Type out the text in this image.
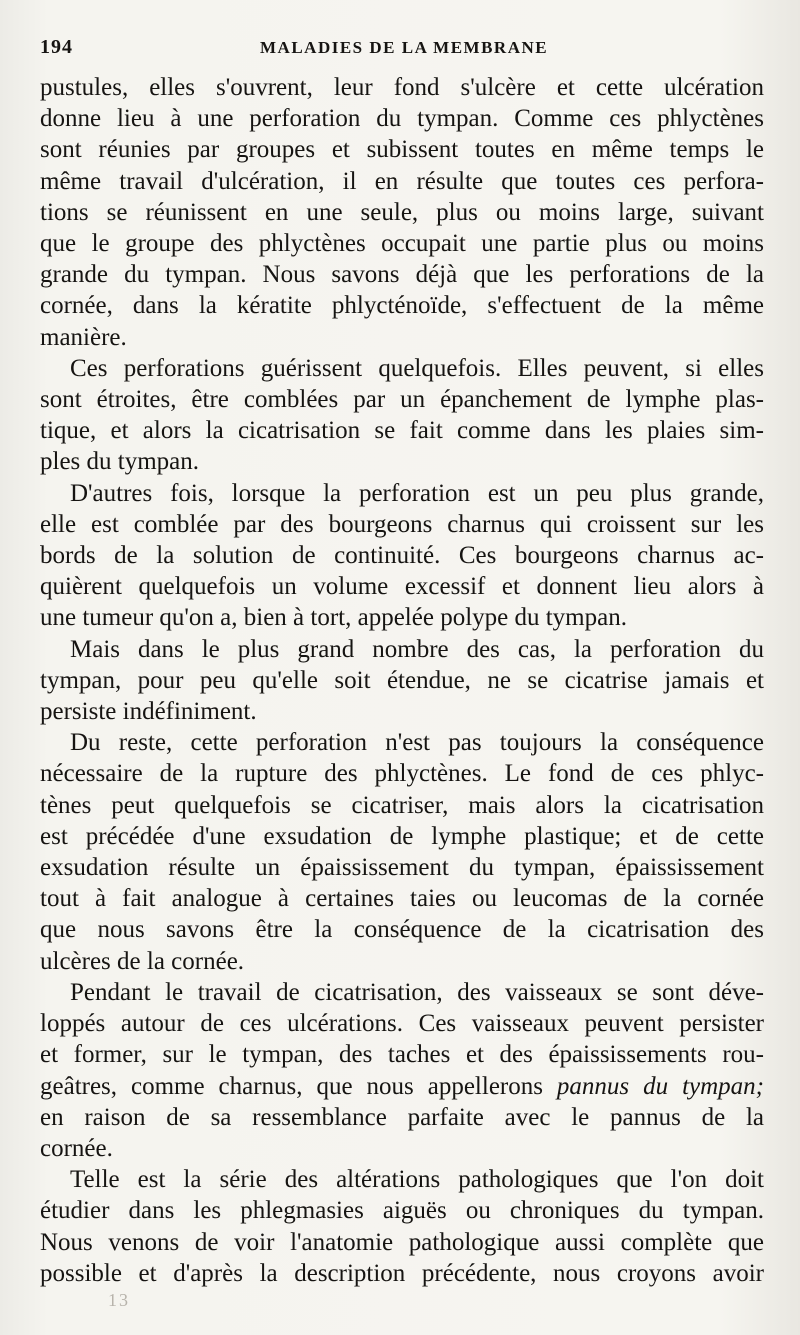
194	MALADIES DE LA MEMBRANE
pustules, elles s'ouvrent, leur fond s'ulcère et cette ulcération
donne lieu à une perforation du tympan. Comme ces phlyctènes
sont réunies par groupes et subissent toutes en même temps le
même travail d'ulcération, il en résulte que toutes ces perfora-
tions se réunissent en une seule, plus ou moins large, suivant
que le groupe des phlyctènes occupait une partie plus ou moins
grande du tympan. Nous savons déjà que les perforations de la
cornée, dans la kératite phlycténoïde, s'effectuent de la même
manière.
Ces perforations guérissent quelquefois. Elles peuvent, si elles
sont étroites, être comblées par un épanchement de lymphe plas-
tique, et alors la cicatrisation se fait comme dans les plaies sim-
ples du tympan.
D'autres fois, lorsque la perforation est un peu plus grande,
elle est comblée par des bourgeons charnus qui croissent sur les
bords de la solution de continuité. Ces bourgeons charnus ac-
quièrent quelquefois un volume excessif et donnent lieu alors à
une tumeur qu'on a, bien à tort, appelée polype du tympan.
Mais dans le plus grand nombre des cas, la perforation du
tympan, pour peu qu'elle soit étendue, ne se cicatrise jamais et
persiste indéfiniment.
Du reste, cette perforation n'est pas toujours la conséquence
nécessaire de la rupture des phlyctènes. Le fond de ces phlyc-
tènes peut quelquefois se cicatriser, mais alors la cicatrisation
est précédée d'une exsudation de lymphe plastique; et de cette
exsudation résulte un épaississement du tympan, épaississement
tout à fait analogue à certaines taies ou leucomas de la cornée
que nous savons être la conséquence de la cicatrisation des
ulcères de la cornée.
Pendant le travail de cicatrisation, des vaisseaux se sont déve-
loppés autour de ces ulcérations. Ces vaisseaux peuvent persister
et former, sur le tympan, des taches et des épaississements rou-
geâtres, comme charnus, que nous appellerons pannus du tympan;
en raison de sa ressemblance parfaite avec le pannus de la
cornée.
Telle est la série des altérations pathologiques que l'on doit
étudier dans les phlegmasies aiguës ou chroniques du tympan.
Nous venons de voir l'anatomie pathologique aussi complète que
possible et d'après la description précédente, nous croyons avoir
13
